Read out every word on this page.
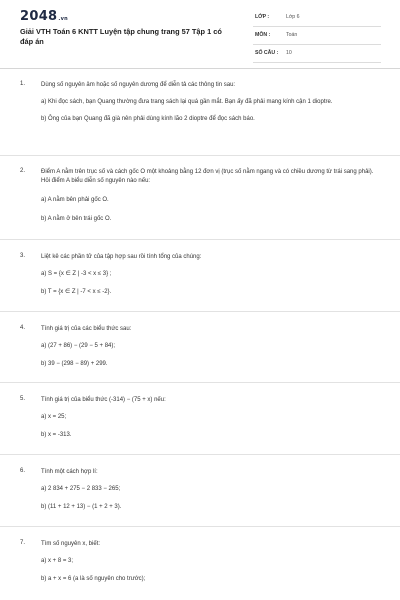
2048.vn
Giải VTH Toán 6 KNTT Luyện tập chung trang 57 Tập 1 có đáp án
LỚP :	Lớp 6
MÔN :	Toán
SỐ CÂU : 10
1.	Dùng số nguyên âm hoặc số nguyên dương để diễn tả các thông tin sau:
a) Khi đọc sách, bạn Quang thường đưa trang sách lại quá gần mắt. Bạn ấy đã phải mang kính cận 1 dioptre.
b) Ông của bạn Quang đã già nên phải dùng kính lão 2 dioptre để đọc sách báo.
2.	Điểm A nằm trên trục số và cách gốc O một khoảng bằng 12 đơn vị (trục số nằm ngang và có chiều dương từ trái sang phải). Hỏi điểm A biểu diễn số nguyên nào nếu:
a) A nằm bên phải gốc O.
b) A nằm ở bên trái gốc O.
3.	Liệt kê các phần tử của tập hợp sau rồi tính tổng của chúng:
a) S = {x ∈ Z | -3 < x ≤ 3} ;
b) T = {x ∈ Z | -7 < x ≤ -2}.
4.	Tính giá trị của các biểu thức sau:
a) (27 + 86) − (29 − 5 + 84);
b) 39 − (298 − 89) + 299.
5.	Tính giá trị của biểu thức (-314) − (75 + x) nếu:
a) x = 25;
b) x = -313.
6.	Tính một cách hợp lí:
a) 2 834 + 275 − 2 833 − 265;
b) (11 + 12 + 13) − (1 + 2 + 3).
7.	Tìm số nguyên x, biết:
a) x + 8 = 3;
b) a + x = 6 (a là số nguyên cho trước);
